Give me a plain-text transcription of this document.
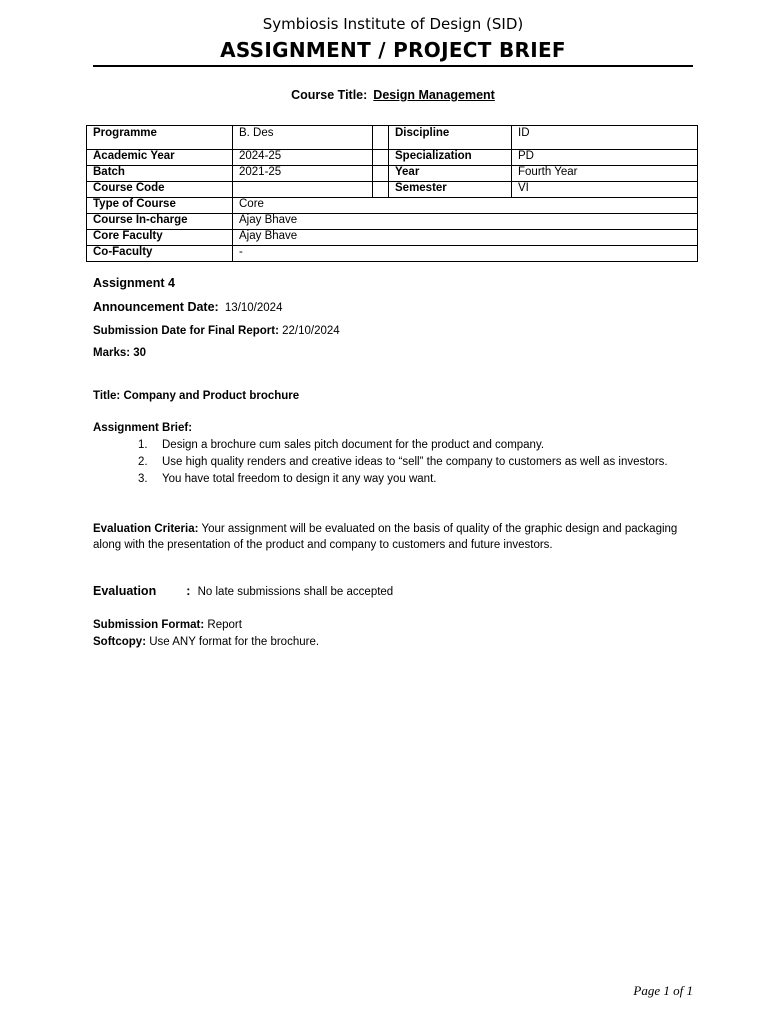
Symbiosis Institute of Design (SID)
ASSIGNMENT / PROJECT BRIEF
Course Title: Design Management
Programme	B. Des		Discipline	ID
Academic Year	2024-25		Specialization	PD
Batch	2021-25		Year	Fourth Year
Course Code			Semester	VI
Type of Course	Core			
Course In-charge	Ajay Bhave			
Core Faculty	Ajay Bhave			
Co-Faculty	-			
Assignment 4
Announcement Date: 13/10/2024
Submission Date for Final Report: 22/10/2024
Marks: 30
Title: Company and Product brochure
Assignment Brief:
1. Design a brochure cum sales pitch document for the product and company.
2. Use high quality renders and creative ideas to “sell” the company to customers as well as investors.
3. You have total freedom to design it any way you want.
Evaluation Criteria: Your assignment will be evaluated on the basis of quality of the graphic design and packaging along with the presentation of the product and company to customers and future investors.
Evaluation : No late submissions shall be accepted
Submission Format: Report
Softcopy: Use ANY format for the brochure.
Page 1 of 1
